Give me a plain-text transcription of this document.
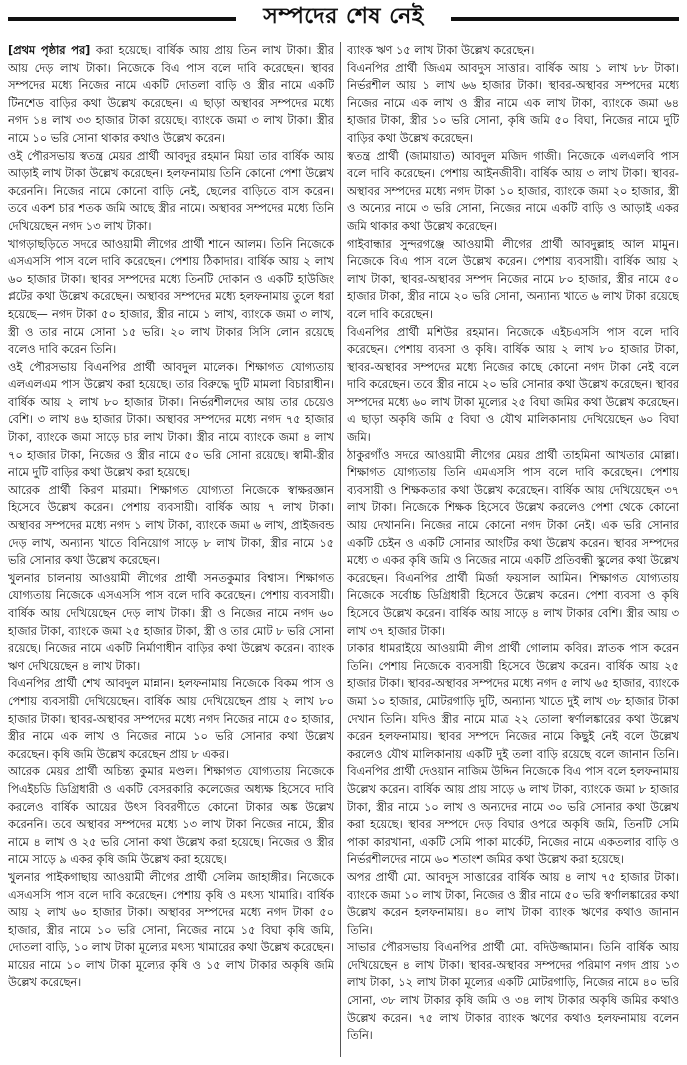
সম্পদের শেষ নেই

[প্রথম পৃষ্ঠার পর] করা হয়েছে। বার্ষিক আয় প্রায় তিন লাখ টাকা। স্ত্রীর আয় দেড় লাখ টাকা। নিজেকে বিএ পাস বলে দাবি করেছেন। স্থাবর সম্পদের মধ্যে নিজের নামে একটি দোতলা বাড়ি ও স্ত্রীর নামে একটি টিনশেড বাড়ির কথা উল্লেখ করেছেন। এ ছাড়া অস্থাবর সম্পদের মধ্যে নগদ ১৪ লাখ ৩৩ হাজার টাকা রয়েছে। ব্যাংকে জমা ৩ লাখ টাকা। স্ত্রীর নামে ১০ ভরি সোনা থাকার কথাও উল্লেখ করেন।

ওই পৌরসভায় স্বতন্ত্র মেয়র প্রার্থী আবদুর রহমান মিয়া তার বার্ষিক আয় আড়াই লাখ টাকা উল্লেখ করেছেন। হলফনামায় তিনি কোনো পেশা উল্লেখ করেননি। নিজের নামে কোনো বাড়ি নেই, ছেলের বাড়িতে বাস করেন। তবে একশ চার শতক জমি আছে স্ত্রীর নামে। অস্থাবর সম্পদের মধ্যে তিনি দেখিয়েছেন নগদ ১৩ লাখ টাকা।

খাগড়াছড়িতে সদরে আওয়ামী লীগের প্রার্থী শানে আলম। তিনি নিজেকে এসএসসি পাস বলে দাবি করেছেন। পেশায় ঠিকাদার। বার্ষিক আয় ২ লাখ ৬০ হাজার টাকা। স্থাবর সম্পদের মধ্যে তিনটি দোকান ও একটি হাউজিং প্লটের কথা উল্লেখ করেছেন। অস্থাবর সম্পদের মধ্যে হলফনামায় তুলে ধরা হয়েছে— নগদ টাকা ৫০ হাজার, স্ত্রীর নামে ১ লাখ, ব্যাংকে জমা ৩ লাখ, স্ত্রী ও তার নামে সোনা ১৫ ভরি। ২০ লাখ টাকার সিসি লোন রয়েছে বলেও দাবি করেন তিনি।

ওই পৌরসভায় বিএনপির প্রার্থী আবদুল মালেক। শিক্ষাগত যোগ্যতায় এলএলএম পাস উল্লেখ করা হয়েছে। তার বিরুদ্ধে দুটি মামলা বিচারাধীন। বার্ষিক আয় ২ লাখ ৮০ হাজার টাকা। নির্ভরশীলদের আয় তার চেয়েও বেশি। ৩ লাখ ৪৬ হাজার টাকা। অস্থাবর সম্পদের মধ্যে নগদ ৭৫ হাজার টাকা, ব্যাংকে জমা সাড়ে চার লাখ টাকা। স্ত্রীর নামে ব্যাংকে জমা ৪ লাখ ৭০ হাজার টাকা, নিজের ও স্ত্রীর নামে ৫০ ভরি সোনা রয়েছে। স্বামী-স্ত্রীর নামে দুটি বাড়ির কথা উল্লেখ করা হয়েছে।

আরেক প্রার্থী কিরণ মারমা। শিক্ষাগত যোগ্যতা নিজেকে স্বাক্ষরজ্ঞান হিসেবে উল্লেখ করেন। পেশায় ব্যবসায়ী। বার্ষিক আয় ৭ লাখ টাকা। অস্থাবর সম্পদের মধ্যে নগদ ১ লাখ টাকা, ব্যাংকে জমা ৬ লাখ, প্রাইজবন্ড দেড় লাখ, অন্যান্য খাতে বিনিয়োগ সাড়ে ৮ লাখ টাকা, স্ত্রীর নামে ১৫ ভরি সোনার কথা উল্লেখ করেছেন।

খুলনার চালনায় আওয়ামী লীগের প্রার্থী সনতকুমার বিশ্বাস। শিক্ষাগত যোগ্যতায় নিজেকে এসএসসি পাস বলে দাবি করেছেন। পেশায় ব্যবসায়ী। বার্ষিক আয় দেখিয়েছেন দেড় লাখ টাকা। স্ত্রী ও নিজের নামে নগদ ৬০ হাজার টাকা, ব্যাংকে জমা ২৫ হাজার টাকা, স্ত্রী ও তার মোট ৮ ভরি সোনা রয়েছে। নিজের নামে একটি নির্মাণাধীন বাড়ির কথা উল্লেখ করেন। ব্যাংক ঋণ দেখিয়েছেন ৪ লাখ টাকা।

বিএনপির প্রার্থী শেখ আবদুল মান্নান। হলফনামায় নিজেকে বিকম পাস ও পেশায় ব্যবসায়ী দেখিয়েছেন। বার্ষিক আয় দেখিয়েছেন প্রায় ২ লাখ ৮০ হাজার টাকা। স্থাবর-অস্থাবর সম্পদের মধ্যে নগদ নিজের নামে ৫০ হাজার, স্ত্রীর নামে এক লাখ ও নিজের নামে ১০ ভরি সোনার কথা উল্লেখ করেছেন। কৃষি জমি উল্লেখ করেছেন প্রায় ৮ একর।

আরেক মেয়র প্রার্থী অচিন্ত্য কুমার মণ্ডল। শিক্ষাগত যোগ্যতায় নিজেকে পিএইচডি ডিগ্রিধারী ও একটি বেসরকারি কলেজের অধ্যক্ষ হিসেবে দাবি করলেও বার্ষিক আয়ের উৎস বিবরণীতে কোনো টাকার অঙ্ক উল্লেখ করেননি। তবে অস্থাবর সম্পদের মধ্যে ১৩ লাখ টাকা নিজের নামে, স্ত্রীর নামে ৪ লাখ ও ২৫ ভরি সোনা কথা উল্লেখ করা হয়েছে। নিজের ও স্ত্রীর নামে সাড়ে ৯ একর কৃষি জমি উল্লেখ করা হয়েছে।

খুলনার পাইকগাছায় আওয়ামী লীগের প্রার্থী সেলিম জাহাঙ্গীর। নিজেকে এসএসসি পাস বলে দাবি করেছেন। পেশায় কৃষি ও মৎস্য খামারি। বার্ষিক আয় ২ লাখ ৬০ হাজার টাকা। অস্থাবর সম্পদের মধ্যে নগদ টাকা ৫০ হাজার, স্ত্রীর নামে ১০ ভরি সোনা, নিজের নামে ১৫ বিঘা কৃষি জমি, দোতলা বাড়ি, ১০ লাখ টাকা মূল্যের মৎস্য খামারের কথা উল্লেখ করেছেন। মায়ের নামে ১০ লাখ টাকা মূল্যের কৃষি ও ১৫ লাখ টাকার অকৃষি জমি উল্লেখ করেছেন।

ব্যাংক ঋণ ১৫ লাখ টাকা উল্লেখ করেছেন।

বিএনপির প্রার্থী জিএম আবদুস সাত্তার। বার্ষিক আয় ১ লাখ ৮৮ টাকা। নির্ভরশীল আয় ১ লাখ ৬৬ হাজার টাকা। স্থাবর-অস্থাবর সম্পদের মধ্যে নিজের নামে এক লাখ ও স্ত্রীর নামে এক লাখ টাকা, ব্যাংকে জমা ৬৪ হাজার টাকা, স্ত্রীর ১০ ভরি সোনা, কৃষি জমি ৫০ বিঘা, নিজের নামে দুটি বাড়ির কথা উল্লেখ করেছেন।

স্বতন্ত্র প্রার্থী (জামায়াত) আবদুল মজিদ গাজী। নিজেকে এলএলবি পাস বলে দাবি করেছেন। পেশায় আইনজীবী। বার্ষিক আয় ৩ লাখ টাকা। স্থাবর-অস্থাবর সম্পদের মধ্যে নগদ টাকা ১০ হাজার, ব্যাংকে জমা ২০ হাজার, স্ত্রী ও অন্যের নামে ৩ ভরি সোনা, নিজের নামে একটি বাড়ি ও আড়াই একর জমি থাকার কথা উল্লেখ করেছেন।

গাইবান্ধার সুন্দরগঞ্জে আওয়ামী লীগের প্রার্থী আবদুল্লাহ আল মামুন। নিজেকে বিএ পাস বলে উল্লেখ করেন। পেশায় ব্যবসায়ী। বার্ষিক আয় ২ লাখ টাকা, স্থাবর-অস্থাবর সম্পদ নিজের নামে ৮০ হাজার, স্ত্রীর নামে ৫০ হাজার টাকা, স্ত্রীর নামে ২০ ভরি সোনা, অন্যান্য খাতে ৬ লাখ টাকা রয়েছে বলে দাবি করেছেন।

বিএনপির প্রার্থী মশিউর রহমান। নিজেকে এইচএসসি পাস বলে দাবি করেছেন। পেশায় ব্যবসা ও কৃষি। বার্ষিক আয় ২ লাখ ৮০ হাজার টাকা, স্থাবর-অস্থাবর সম্পদের মধ্যে নিজের কাছে কোনো নগদ টাকা নেই বলে দাবি করেছেন। তবে স্ত্রীর নামে ২০ ভরি সোনার কথা উল্লেখ করেছেন। স্থাবর সম্পদের মধ্যে ৬০ লাখ টাকা মূল্যের ২৫ বিঘা জমির কথা উল্লেখ করেছেন। এ ছাড়া অকৃষি জমি ৫ বিঘা ও যৌথ মালিকানায় দেখিয়েছেন ৬০ বিঘা জমি।

ঠাকুরগাঁও সদরে আওয়ামী লীগের মেয়র প্রার্থী তাহমিনা আখতার মোল্লা। শিক্ষাগত যোগ্যতায় তিনি এমএসসি পাস বলে দাবি করেছেন। পেশায় ব্যবসায়ী ও শিক্ষকতার কথা উল্লেখ করেছেন। বার্ষিক আয় দেখিয়েছেন ৩৭ লাখ টাকা। নিজেকে শিক্ষক হিসেবে উল্লেখ করলেও পেশা থেকে কোনো আয় দেখাননি। নিজের নামে কোনো নগদ টাকা নেই। এক ভরি সোনার একটি চেইন ও একটি সোনার আংটির কথা উল্লেখ করেন। স্থাবর সম্পদের মধ্যে ৩ একর কৃষি জমি ও নিজের নামে একটি প্রতিবন্ধী স্কুলের কথা উল্লেখ করেছেন। বিএনপির প্রার্থী মির্জা ফয়সাল আমিন। শিক্ষাগত যোগ্যতায় নিজেকে সর্বোচ্চ ডিগ্রিধারী হিসেবে উল্লেখ করেন। পেশা ব্যবসা ও কৃষি হিসেবে উল্লেখ করেন। বার্ষিক আয় সাড়ে ৪ লাখ টাকার বেশি। স্ত্রীর আয় ৩ লাখ ৩৭ হাজার টাকা।

ঢাকার ধামরাইয়ে আওয়ামী লীগ প্রার্থী গোলাম কবির। স্নাতক পাস করেন তিনি। পেশায় নিজেকে ব্যবসায়ী হিসেবে উল্লেখ করেন। বার্ষিক আয় ২৫ হাজার টাকা। স্থাবর-অস্থাবর সম্পদের মধ্যে নগদ ৫ লাখ ৬৫ হাজার, ব্যাংকে জমা ১০ হাজার, মোটরগাড়ি দুটি, অন্যান্য খাতে দুই লাখ ৩৮ হাজার টাকা দেখান তিনি। যদিও স্ত্রীর নামে মাত্র ২২ তোলা স্বর্ণালঙ্কারের কথা উল্লেখ করেন হলফনামায়। স্থাবর সম্পদে নিজের নামে কিছুই নেই বলে উল্লেখ করলেও যৌথ মালিকানায় একটি দুই তলা বাড়ি রয়েছে বলে জানান তিনি। বিএনপির প্রার্থী দেওয়ান নাজিম উদ্দিন নিজেকে বিএ পাস বলে হলফনামায় উল্লেখ করেন। বার্ষিক আয় প্রায় সাড়ে ৬ লাখ টাকা, ব্যাংকে জমা ৮ হাজার টাকা, স্ত্রীর নামে ১০ লাখ ও অন্যদের নামে ৩০ ভরি সোনার কথা উল্লেখ করা হয়েছে। স্থাবর সম্পদে দেড় বিঘার ওপরে অকৃষি জমি, তিনটি সেমি পাকা কারখানা, একটি সেমি পাকা মার্কেট, নিজের নামে একতলার বাড়ি ও নির্ভরশীলদের নামে ৬০ শতাংশ জমির কথা উল্লেখ করা হয়েছে।

অপর প্রার্থী মো. আবদুস সাত্তারের বার্ষিক আয় ৪ লাখ ৭৫ হাজার টাকা। ব্যাংকে জমা ১০ লাখ টাকা, নিজের ও স্ত্রীর নামে ৫০ ভরি স্বর্ণালঙ্কারের কথা উল্লেখ করেন হলফনামায়। ৪০ লাখ টাকা ব্যাংক ঋণের কথাও জানান তিনি।

সাভার পৌরসভায় বিএনপির প্রার্থী মো. বদিউজ্জামান। তিনি বার্ষিক আয় দেখিয়েছেন ৪ লাখ টাকা। স্থাবর-অস্থাবর সম্পদের পরিমাণ নগদ প্রায় ১৩ লাখ টাকা, ১২ লাখ টাকা মূল্যের একটি মোটরগাড়ি, নিজের নামে ৪০ ভরি সোনা, ৩৮ লাখ টাকার কৃষি জমি ও ৩৪ লাখ টাকার অকৃষি জমির কথাও উল্লেখ করেন। ৭৫ লাখ টাকার ব্যাংক ঋণের কথাও হলফনামায় বলেন তিনি।
